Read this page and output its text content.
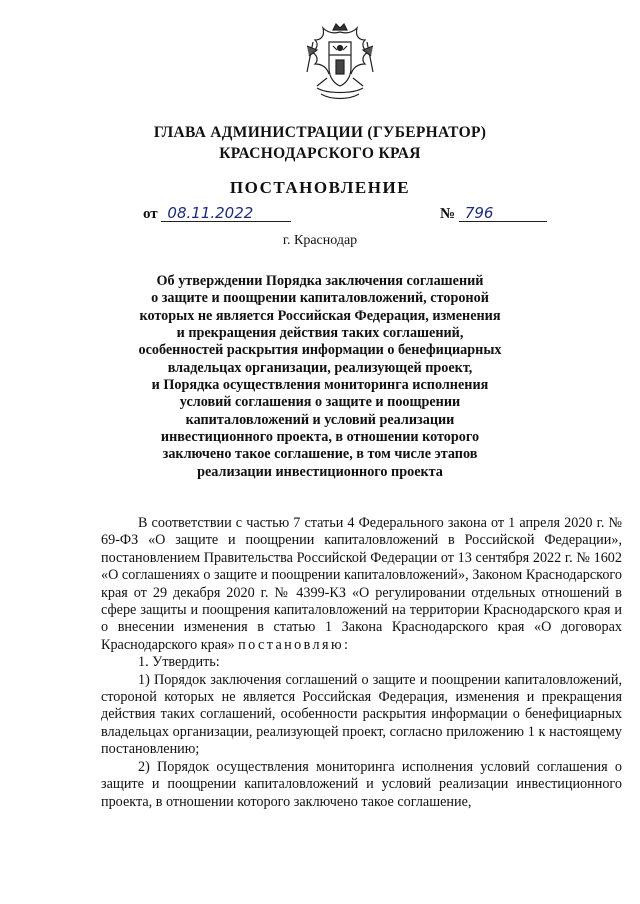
ГЛАВА АДМИНИСТРАЦИИ (ГУБЕРНАТОР)
КРАСНОДАРСКОГО КРАЯ
ПОСТАНОВЛЕНИЕ
от 08.11.2022	№ 796
г. Краснодар
Об утверждении Порядка заключения соглашений
о защите и поощрении капиталовложений, стороной
которых не является Российская Федерация, изменения
и прекращения действия таких соглашений,
особенностей раскрытия информации о бенефициарных
владельцах организации, реализующей проект,
и Порядка осуществления мониторинга исполнения
условий соглашения о защите и поощрении
капиталовложений и условий реализации
инвестиционного проекта, в отношении которого
заключено такое соглашение, в том числе этапов
реализации инвестиционного проекта

В соответствии с частью 7 статьи 4 Федерального закона от 1 апреля 2020 г. № 69-ФЗ «О защите и поощрении капиталовложений в Российской Федерации», постановлением Правительства Российской Федерации от 13 сентября 2022 г. № 1602 «О соглашениях о защите и поощрении капиталовложений», Законом Краснодарского края от 29 декабря 2020 г. № 4399-КЗ «О регулировании отдельных отношений в сфере защиты и поощрения капиталовложений на территории Краснодарского края и о внесении изменения в статью 1 Закона Краснодарского края «О договорах Краснодарского края» постановляю:

1. Утвердить:

1) Порядок заключения соглашений о защите и поощрении капиталовложений, стороной которых не является Российская Федерация, изменения и прекращения действия таких соглашений, особенности раскрытия информации о бенефициарных владельцах организации, реализующей проект, согласно приложению 1 к настоящему постановлению;

2) Порядок осуществления мониторинга исполнения условий соглашения о защите и поощрении капиталовложений и условий реализации инвестиционного проекта, в отношении которого заключено такое соглашение,
